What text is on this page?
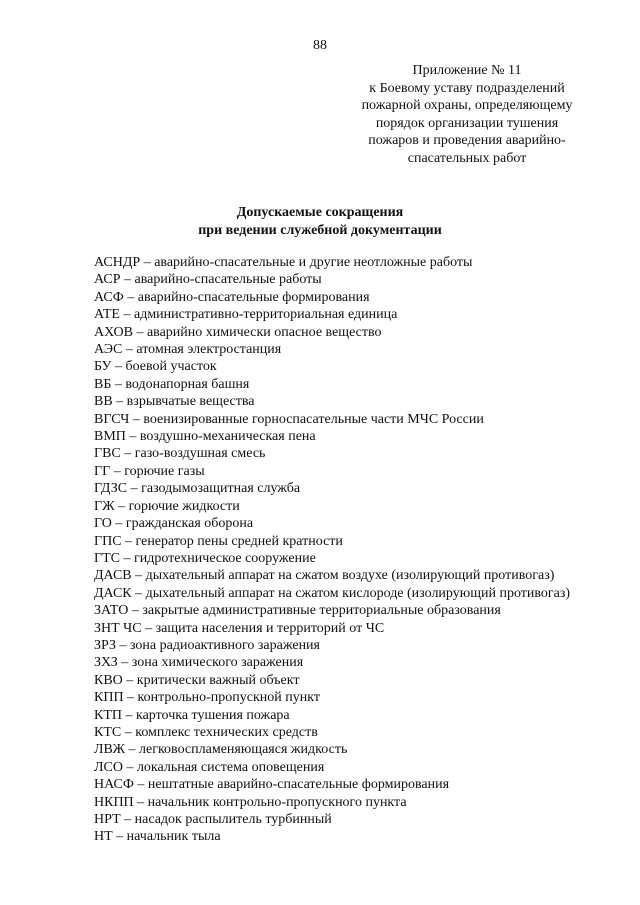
88
Приложение № 11
к Боевому уставу подразделений
пожарной охраны, определяющему
порядок организации тушения
пожаров и проведения аварийно-
спасательных работ
Допускаемые сокращения
при ведении служебной документации
АСНДР – аварийно-спасательные и другие неотложные работы
АСР – аварийно-спасательные работы
АСФ – аварийно-спасательные формирования
АТЕ – административно-территориальная единица
АХОВ – аварийно химически опасное вещество
АЭС – атомная электростанция
БУ – боевой участок
ВБ – водонапорная башня
ВВ – взрывчатые вещества
ВГСЧ – военизированные горноспасательные части МЧС России
ВМП – воздушно-механическая пена
ГВС – газо-воздушная смесь
ГГ – горючие газы
ГДЗС – газодымозащитная служба
ГЖ – горючие жидкости
ГО – гражданская оборона
ГПС – генератор пены средней кратности
ГТС – гидротехническое сооружение
ДАСВ – дыхательный аппарат на сжатом воздухе (изолирующий противогаз)
ДАСК – дыхательный аппарат на сжатом кислороде (изолирующий противогаз)
ЗАТО – закрытые административные территориальные образования
ЗНТ ЧС – защита населения и территорий от ЧС
ЗРЗ – зона радиоактивного заражения
ЗХЗ – зона химического заражения
КВО – критически важный объект
КПП – контрольно-пропускной пункт
КТП – карточка тушения пожара
КТС – комплекс технических средств
ЛВЖ – легковоспламеняющаяся жидкость
ЛСО – локальная система оповещения
НАСФ – нештатные аварийно-спасательные формирования
НКПП – начальник контрольно-пропускного пункта
НРТ – насадок распылитель турбинный
НТ – начальник тыла
